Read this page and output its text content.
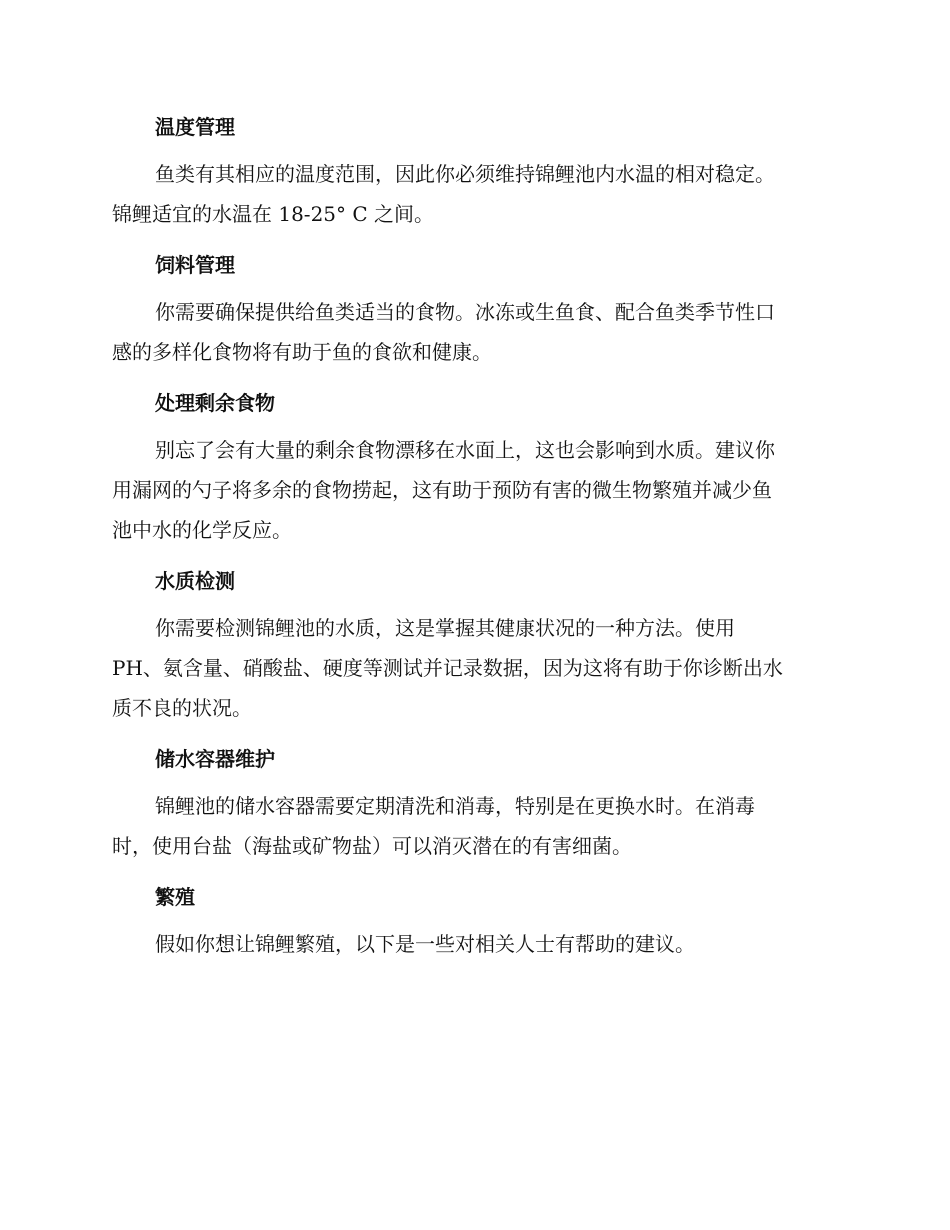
温度管理

鱼类有其相应的温度范围，因此你必须维持锦鲤池内水温的相对稳定。
锦鲤适宜的水温在 18-25° C 之间。

饲料管理

你需要确保提供给鱼类适当的食物。冰冻或生鱼食、配合鱼类季节性口
感的多样化食物将有助于鱼的食欲和健康。

处理剩余食物

别忘了会有大量的剩余食物漂移在水面上，这也会影响到水质。建议你
用漏网的勺子将多余的食物捞起，这有助于预防有害的微生物繁殖并减少鱼
池中水的化学反应。

水质检测

你需要检测锦鲤池的水质，这是掌握其健康状况的一种方法。使用
PH、氨含量、硝酸盐、硬度等测试并记录数据，因为这将有助于你诊断出水
质不良的状况。

储水容器维护

锦鲤池的储水容器需要定期清洗和消毒，特别是在更换水时。在消毒
时，使用台盐（海盐或矿物盐）可以消灭潜在的有害细菌。

繁殖

假如你想让锦鲤繁殖，以下是一些对相关人士有帮助的建议。
